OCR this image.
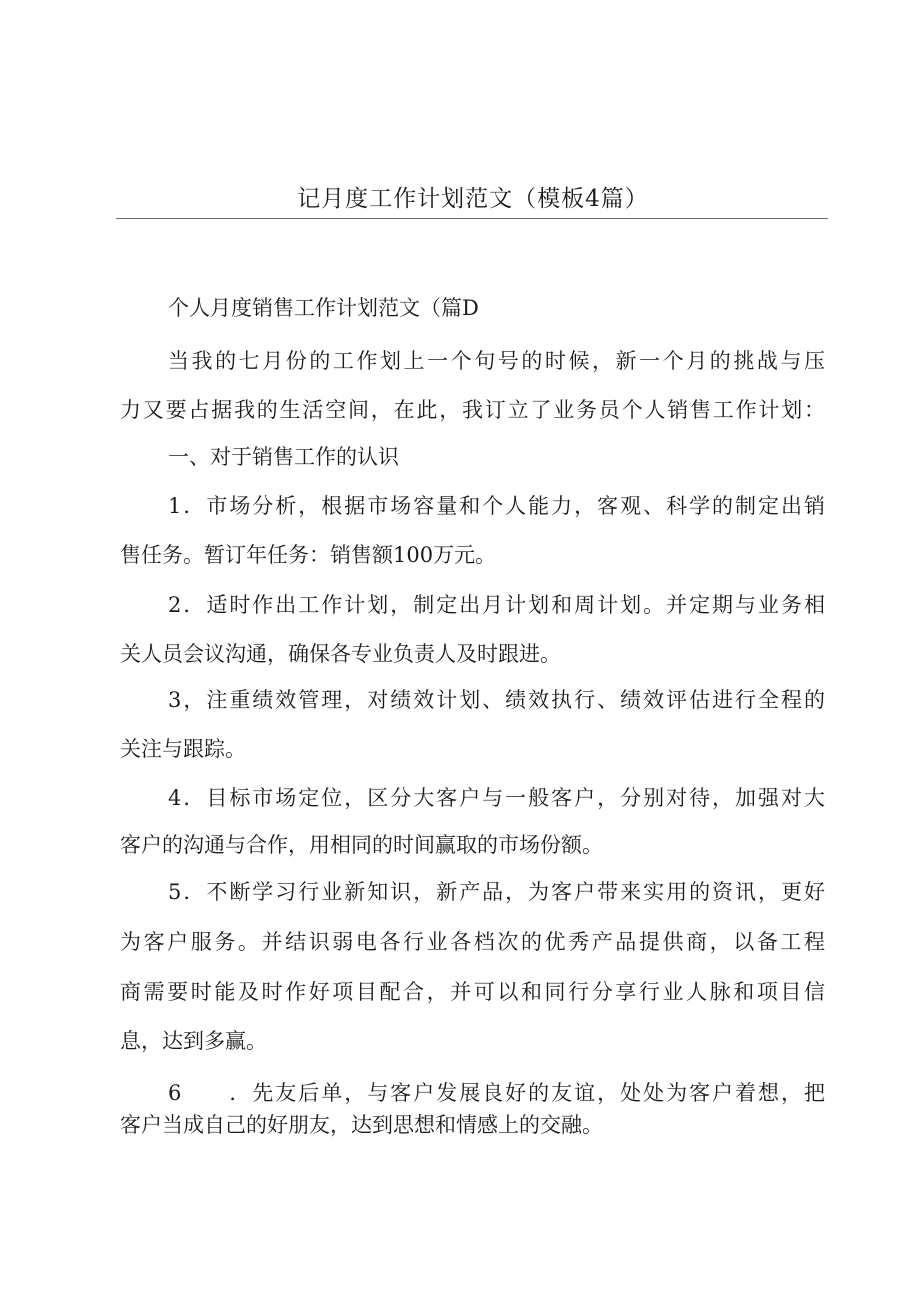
记月度工作计划范文（模板4篇）

个人月度销售工作计划范文（篇D

当我的七月份的工作划上一个句号的时候，新一个月的挑战与压

力又要占据我的生活空间，在此，我订立了业务员个人销售工作计划：

一、对于销售工作的认识

1．市场分析，根据市场容量和个人能力，客观、科学的制定出销

售任务。暂订年任务：销售额100万元。

2．适时作出工作计划，制定出月计划和周计划。并定期与业务相

关人员会议沟通，确保各专业负责人及时跟进。

3，注重绩效管理，对绩效计划、绩效执行、绩效评估进行全程的

关注与跟踪。

4．目标市场定位，区分大客户与一般客户，分别对待，加强对大

客户的沟通与合作，用相同的时间赢取的市场份额。

5．不断学习行业新知识，新产品，为客户带来实用的资讯，更好

为客户服务。并结识弱电各行业各档次的优秀产品提供商，以备工程

商需要时能及时作好项目配合，并可以和同行分享行业人脉和项目信

息，达到多赢。

6　　．先友后单，与客户发展良好的友谊，处处为客户着想，把

客户当成自己的好朋友，达到思想和情感上的交融。
